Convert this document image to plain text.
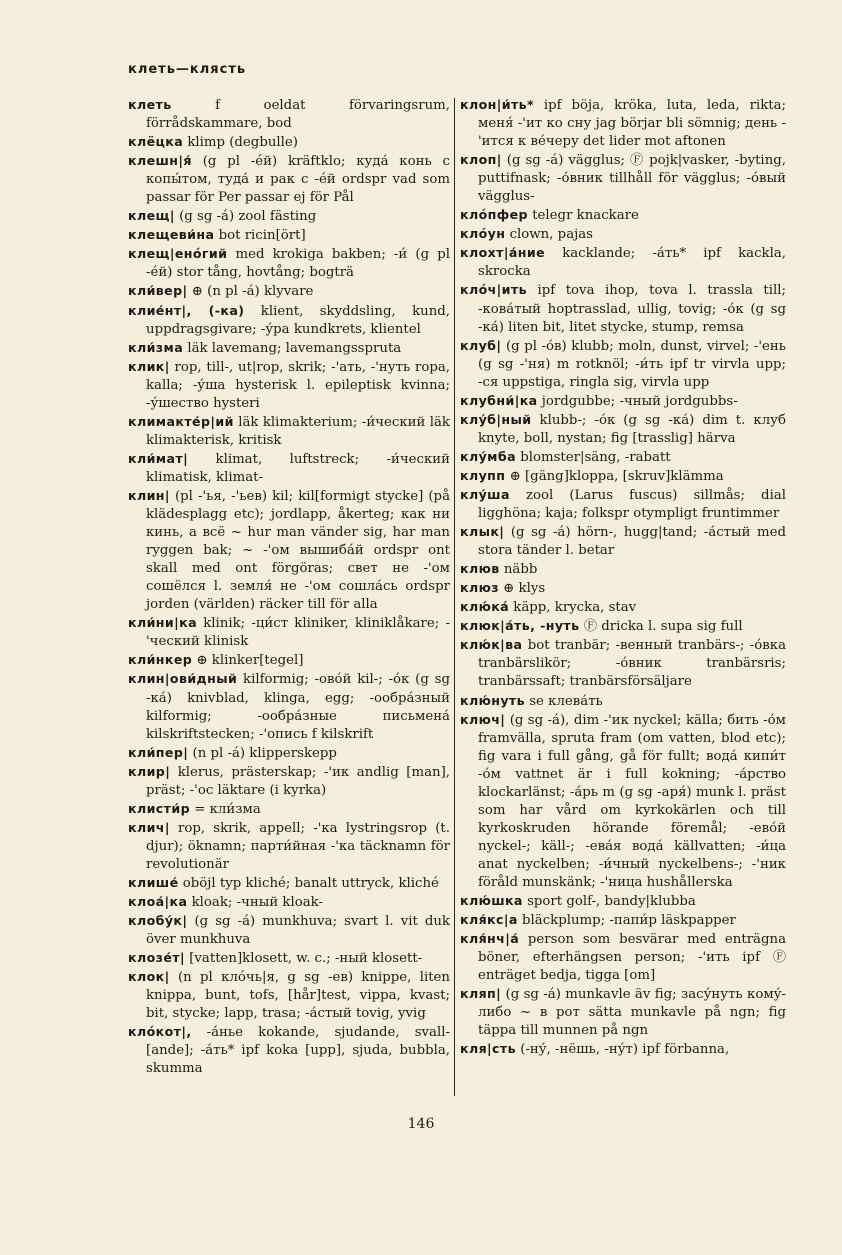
клеть—клясть

клеть	f oeldat förvaringsrum, förrådskammare, bod

клёцка klimp (degbulle)

клешн|я́ (g pl -éй) kräftklo; куда́ конь с копы́том, туда́ и рак с -éй ordspr vad som passar för Per passar ej för Pål

клещ| (g sg -á) zool fästing

клещеви́на bot ricin[ört]

клещ|енóгий med krokiga bakben; -и́ (g pl -éй) stor tång, hovtång; bogträ

кли́вер| ⊕ (n pl -á) klyvare

клие́нт|, (-ка) klient, skyddsling, kund, uppdragsgivare; -у́ра kundkrets, klientel

кли́зма läk lavemang; lavemangsspruta

клик| rop, till-, ut|rop, skrik; -'ать, -'нуть ropa, kalla; -у́ша hysterisk l. epileptisk kvinna; -у́шество hysteri

климакте́р|ий läk klimakterium; -и́ческий läk klimakterisk, kritisk

кли́мат| klimat, luftstreck; -и́ческий klimatisk, klimat-

клин| (pl -'ья, -'ьев) kil; kil[formigt stycke] (på klädesplagg etc); jordlapp, åkerteg; как ни кинь, а всё ~ hur man vänder sig, har man ryggen bak; ~ -'ом вышиба́й ordspr ont skall med ont förgöras; свет не -'ом сошёлся l. земля́ не -'ом сошла́сь ordspr jorden (världen) räcker till för alla

кли́ни|ка klinik; -ци́ст kliniker, kliniklåkare; -'ческий klinisk

кли́нкер ⊕ klinker[tegel]

клин|ови́дный kilformig; -ово́й kil-; -о́к (g sg -ка́) knivblad, klinga, egg; -ообра́зный kilformig; -ообра́зные письмена́ kilskriftstecken; -'опись f kilskrift

кли́пер| (n pl -á) klipperskepp

клир| klerus, prästerskap; -'ик andlig [man], präst; -'ос läktare (i kyrka)

клисти́р = кли́зма

клич| rop, skrik, appell; -'ка lystringsrop (t. djur); öknamn; парти́йная -'ка täcknamn för revolutionär

клише́ oböjl typ kliché; banalt uttryck, kliché

клоа́|ка kloak; -чный kloak-

клобу́к| (g sg -á) munkhuva; svart l. vit duk över munkhuva

клозе́т| [vatten]klosett, w. c.; -ный klosett-

клок| (n pl клóчь|я, g sg -ев) knippe, liten knippa, bunt, tofs, [hår]test, vippa, kvast; bit, stycke; lapp, trasa; -а́стый tovig, yvig

клóкот|, -а́нье kokande, sjudande, svall-[ande]; -а́ть* ipf koka [upp], sjuda, bubbla, skumma

клон|и́ть* ipf böja, kröka, luta, leda, rikta; меня́ -'ит ко сну jag börjar bli sömnig; день -'ится к ве́черу det lider mot aftonen

клоп| (g sg -á) vägglus; Ⓕ pojk|vasker, -byting, puttifnask; -о́вник tillhåll för vägglus; -о́вый vägglus-

клóпфер telegr knackare

клóун clown, pajas

клохт|а́ние kacklande; -а́ть* ipf kackla, skrocka

клóч|ить ipf tova ihop, tova l. trassla till; -кова́тый hoptrasslad, ullig, tovig; -о́к (g sg -ка́) liten bit, litet stycke, stump, remsa

клуб| (g pl -о́в) klubb; moln, dunst, virvel; -'ень (g sg -'ня) m rotknöl; -и́ть ipf tr virvla upp; -ся uppstiga, ringla sig, virvla upp

клубни́|ка jordgubbe; -чный jordgubbs-

клу́б|ный klubb-; -о́к (g sg -ка́) dim t. клуб knyte, boll, nystan; fig [trasslig] härva

клу́мба blomster|säng, -rabatt

клупп ⊕ [gäng]kloppa, [skruv]klämma

клу́ша zool (Larus fuscus) sillmås; dial ligghöna; kaja; folkspr otympligt fruntimmer

клык| (g sg -á) hörn-, hugg|tand; -а́стый med stora tänder l. betar

клюв näbb

клюз ⊕ klys

клю́ка́ käpp, krycka, stav

клюк|а́ть, -нуть Ⓕ dricka l. supa sig full

клю́к|ва bot tranbär; -венный tranbärs-; -о́вка tranbärslikör; -о́вник tranbärsris; tranbärssaft; tranbärsförsäljare

клю́нуть se клева́ть

ключ| (g sg -á), dim -'ик nyckel; källa; бить -о́м framvälla, spruta fram (om vatten, blod etc); fig vara i full gång, gå för fullt; вода́ кипи́т -о́м vattnet är i full kokning; -а́рство klockarlänst; -а́рь m (g sg -аря́) munk l. präst som har vård om kyrkokärlen och till kyrkoskruden hörande föremål; -ево́й nyckel-; käll-; -ева́я вода́ källvatten; -и́ца anat nyckelben; -и́чный nyckelbens-; -'ник föråld munskänk; -'ница hushållerska

клю́шка sport golf-, bandy|klubba

кля́кс|а bläckplump; -папи́р läskpapper

кля́нч|а́ person som besvärar med enträgna böner, efterhängsen person; -'ить ipf Ⓕ enträget bedja, tigga [om]

кляп| (g sg -á) munkavle äv fig; засу́нуть кому́-либо ~ в рот sätta munkavle på ngn; fig täppa till munnen på ngn

кля|сть (-ну́, -нёшь, -ну́т) ipf förbanna,

146
